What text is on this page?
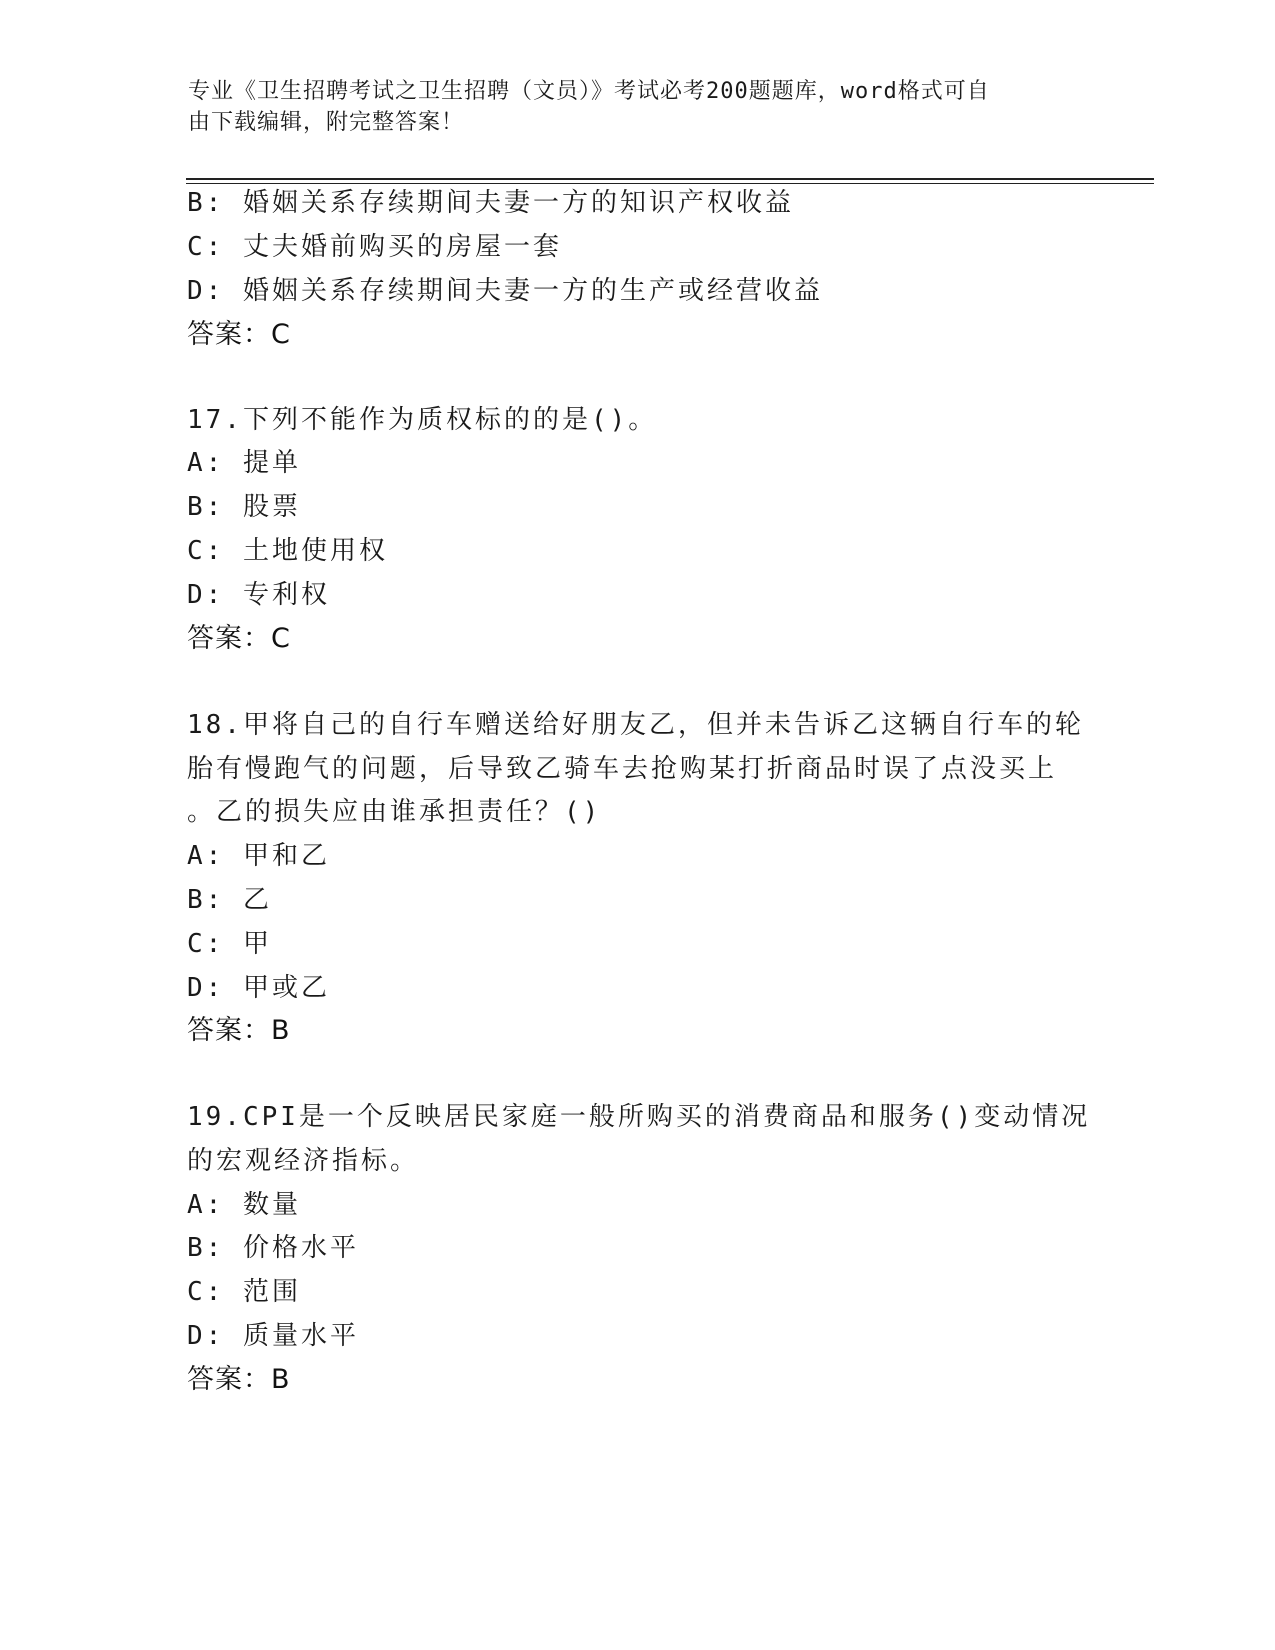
专业《卫生招聘考试之卫生招聘（文员）》考试必考200题题库，word格式可自
由下载编辑，附完整答案！
B: 婚姻关系存续期间夫妻一方的知识产权收益
C: 丈夫婚前购买的房屋一套
D: 婚姻关系存续期间夫妻一方的生产或经营收益
答案：C
17.下列不能作为质权标的的是()。
A: 提单
B: 股票
C: 土地使用权
D: 专利权
答案：C
18.甲将自己的自行车赠送给好朋友乙，但并未告诉乙这辆自行车的轮
胎有慢跑气的问题，后导致乙骑车去抢购某打折商品时误了点没买上
。乙的损失应由谁承担责任？()
A: 甲和乙
B: 乙
C: 甲
D: 甲或乙
答案：B
19.CPI是一个反映居民家庭一般所购买的消费商品和服务()变动情况
的宏观经济指标。
A: 数量
B: 价格水平
C: 范围
D: 质量水平
答案：B
